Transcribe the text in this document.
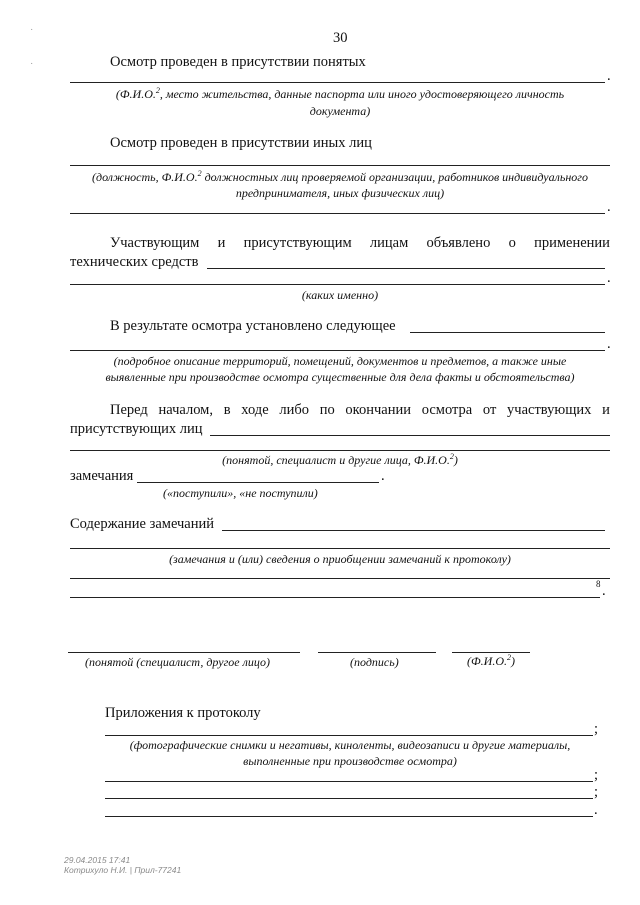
30
˙
˙	Осмотр проведен в присутствии понятых
.
(Ф.И.О.$^2$, место жительства, данные паспорта или иного удостоверяющего личность
документа)
Осмотр проведен в присутствии иных лиц
(должность, Ф.И.О.$^2$ должностных лиц проверяемой организации, работников индивидуального
предпринимателя, иных физических лиц)
.
Участвующим и присутствующим лицам объявлено о применении
технических средств
.
(каких именно)
В результате осмотра установлено следующее
.
(подробное описание территорий, помещений, документов и предметов, а также иные
выявленные при производстве осмотра существенные для дела факты и обстоятельства)
Перед началом, в ходе либо по окончании осмотра от участвующих и
присутствующих лиц
(понятой, специалист и другие лица, Ф.И.О.$^2$)
замечания	.
(«поступили», «не поступили)
Содержание замечаний
(замечания и (или) сведения о приобщении замечаний к протоколу)
8 .
(понятой (специалист, другое лицо)	(подпись)	(Ф.И.О.$^2$)
Приложения к протоколу
;
(фотографические снимки и негативы, киноленты, видеозаписи и другие материалы,
выполненные при производстве осмотра)
;
;
.
29.04.2015 17:41
Котрихуло Н.И. | Прил-77241
